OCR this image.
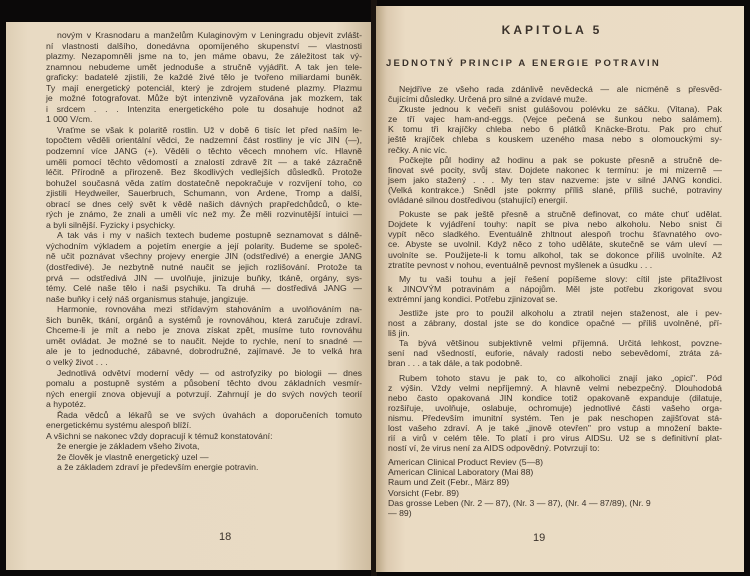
novým v Krasnodaru a manželům Kulaginovým v Leningradu objevit zvlášt-
ní vlastnosti dalšího, donedávna opomíjeného skupenství — vlastnosti
plazmy. Nezapomněli jsme na to, jen máme obavu, že záležitost tak vý-
znamnou nebudeme umět jednoduše a stručně vyjádřit. A tak jen tele-
graficky: badatelé zjistili, že každé živé tělo je tvořeno miliardami buněk.
Ty mají energetický potenciál, který je zdrojem studené plazmy. Plazmu
je možné fotografovat. Může být intenzivně vyzařována jak mozkem, tak
i srdcem . . . Intenzita energetického pole tu dosahuje hodnot až
1 000 V/cm.
Vraťme se však k polaritě rostlin. Už v době 6 tisíc let před naším le-
topočtem věděli orientální vědci, že nadzemní část rostliny je víc JIN (—),
podzemní více JANG (+). Věděli o těchto věcech mnohem víc. Hlavně
uměli pomocí těchto vědomostí a znalostí zdravě žít — a také zázračně
léčit. Přírodně a přirozeně. Bez škodlivých vedlejších důsledků. Protože
bohužel současná věda zatím dostatečně nepokračuje v rozvíjení toho, co
zjistili Heydweiler, Sauerbruch, Schumann, von Ardene, Tromp a další,
obrací se dnes celý svět k vědě našich dávných prapředchůdců, o kte-
rých je známo, že znali a uměli víc než my. Že měli rozvinutější intuici —
a byli silnější. Fyzicky i psychicky.
A tak vás i my v našich textech budeme postupně seznamovat s dálně-
východním výkladem a pojetím energie a její polarity. Budeme se společ-
ně učit poznávat všechny projevy energie JIN (odstředivé) a energie JANG
(dostředivé). Je nezbytně nutné naučit se jejich rozlišování. Protože ta
prvá — odstředivá JIN — uvolňuje, jinizuje buňky, tkáně, orgány, sys-
témy. Celé naše tělo i naši psychiku. Ta druhá — dostředivá JANG —
naše buňky i celý náš organismus stahuje, jangizuje.
Harmonie, rovnováha mezi střídavým stahováním a uvolňováním na-
šich buněk, tkání, orgánů a systémů je rovnováhou, která zaručuje zdraví.
Chceme-li je mít a nebo je znova získat zpět, musíme tuto rovnováhu
umět ovládat. Je možné se to naučit. Nejde to rychle, není to snadné —
ale je to jednoduché, zábavné, dobrodružné, zajímavé. Je to velká hra
o velký život . . .
Jednotlivá odvětví moderní vědy — od astrofyziky po biologii — dnes
pomalu a postupně systém a působení těchto dvou základních vesmír-
ných energií znova objevují a potvrzují. Zahrnují je do svých nových teorií
a hypotéz.
Řada vědců a lékařů se ve svých úvahách a doporučeních tomuto
energetickému systému alespoň blíží.
A všichni se nakonec vždy dopracují k témuž konstatování:
že energie je základem všeho života,
že člověk je vlastně energetický uzel —
a že základem zdraví je především energie potravin.
18
KAPITOLA 5
JEDNOTNÝ PRINCIP A ENERGIE POTRAVIN
Nejdříve ze všeho rada zdánlivě nevědecká — ale nicméně s přesvěd-
čujícími důsledky. Určená pro silné a zvídavé muže.
Zkuste jednou k večeři snist gulášovou polévku ze sáčku. (Vitana). Pak
ze tří vajec ham-and-eggs. (Vejce pečená se šunkou nebo salámem).
K tomu tři krajíčky chleba nebo 6 plátků Knäcke-Brotu. Pak pro chuť
ještě krajíček chleba s kouskem uzeného masa nebo s olomouckými sy-
rečky. A nic víc.
Počkejte půl hodiny až hodinu a pak se pokuste přesně a stručně de-
finovat své pocity, svůj stav. Dojdete nakonec k termínu: je mi mizerně —
jsem jako stažený . . . My ten stav nazveme: jste v silné JANG kondici.
(Velká kontrakce.) Snědl jste pokrmy příliš slané, příliš suché, potraviny
ovládané silnou dostředivou (stahující) energií.
Pokuste se pak ještě přesně a stručně definovat, co máte chuť udělat.
Dojdete k vyjádření touhy: napít se piva nebo alkoholu. Nebo snist či
vypít něco sladkého. Eventuálně zhltnout alespoň trochu šťavnatého ovo-
ce. Abyste se uvolnil. Když něco z toho uděláte, skutečně se vám uleví —
uvolníte se. Použijete-li k tomu alkohol, tak se dokonce příliš uvolníte. Až
ztratíte pevnost v nohou, eventuálně pevnost myšlenek a úsudku . . .
My tu vaši touhu a její řešení popíšeme slovy: cítil jste přitažlivost
k JINOVÝM potravinám a nápojům. Měl jste potřebu zkorigovat svou
extrémní jang kondici. Potřebu zjinizovat se.
Jestliže jste pro to použil alkoholu a ztratil nejen staženost, ale i pev-
nost a zábrany, dostal jste se do kondice opačné — příliš uvolněné, pří-
liš jin.
Ta bývá většinou subjektivně velmi příjemná. Určitá lehkost, povzne-
sení nad všedností, euforie, návaly radosti nebo sebevědomí, ztráta zá-
bran . . . a tak dále, a tak podobně.
Rubem tohoto stavu je pak to, co alkoholici znají jako „opici". Pód
z výšin. Vždy velmi nepříjemný. A hlavně velmi nebezpečný. Dlouhodobá
nebo často opakovaná JIN kondice totiž opakovaně expanduje (dilatuje,
rozšiřuje, uvolňuje, oslabuje, ochromuje) jednotlivé části vašeho orga-
nismu. Především imunitní systém. Ten je pak neschopen zajišťovat stá-
lost vašeho zdraví. A je také „jinově otevřen" pro vstup a množení bakte-
rií a virů v celém těle. To platí i pro virus AIDSu. Už se s definitivní plat-
ností ví, že virus není za AIDS odpovědný. Potvrzují to:
American Clinical Product Reviev (5—8)
American Clinical Laboratory (Mai 88)
Raum und Zeit (Febr., März 89)
Vorsicht (Febr. 89)
Das grosse Leben (Nr. 2 — 87), (Nr. 3 — 87), (Nr. 4 — 87/89), (Nr. 9
— 89)
19
